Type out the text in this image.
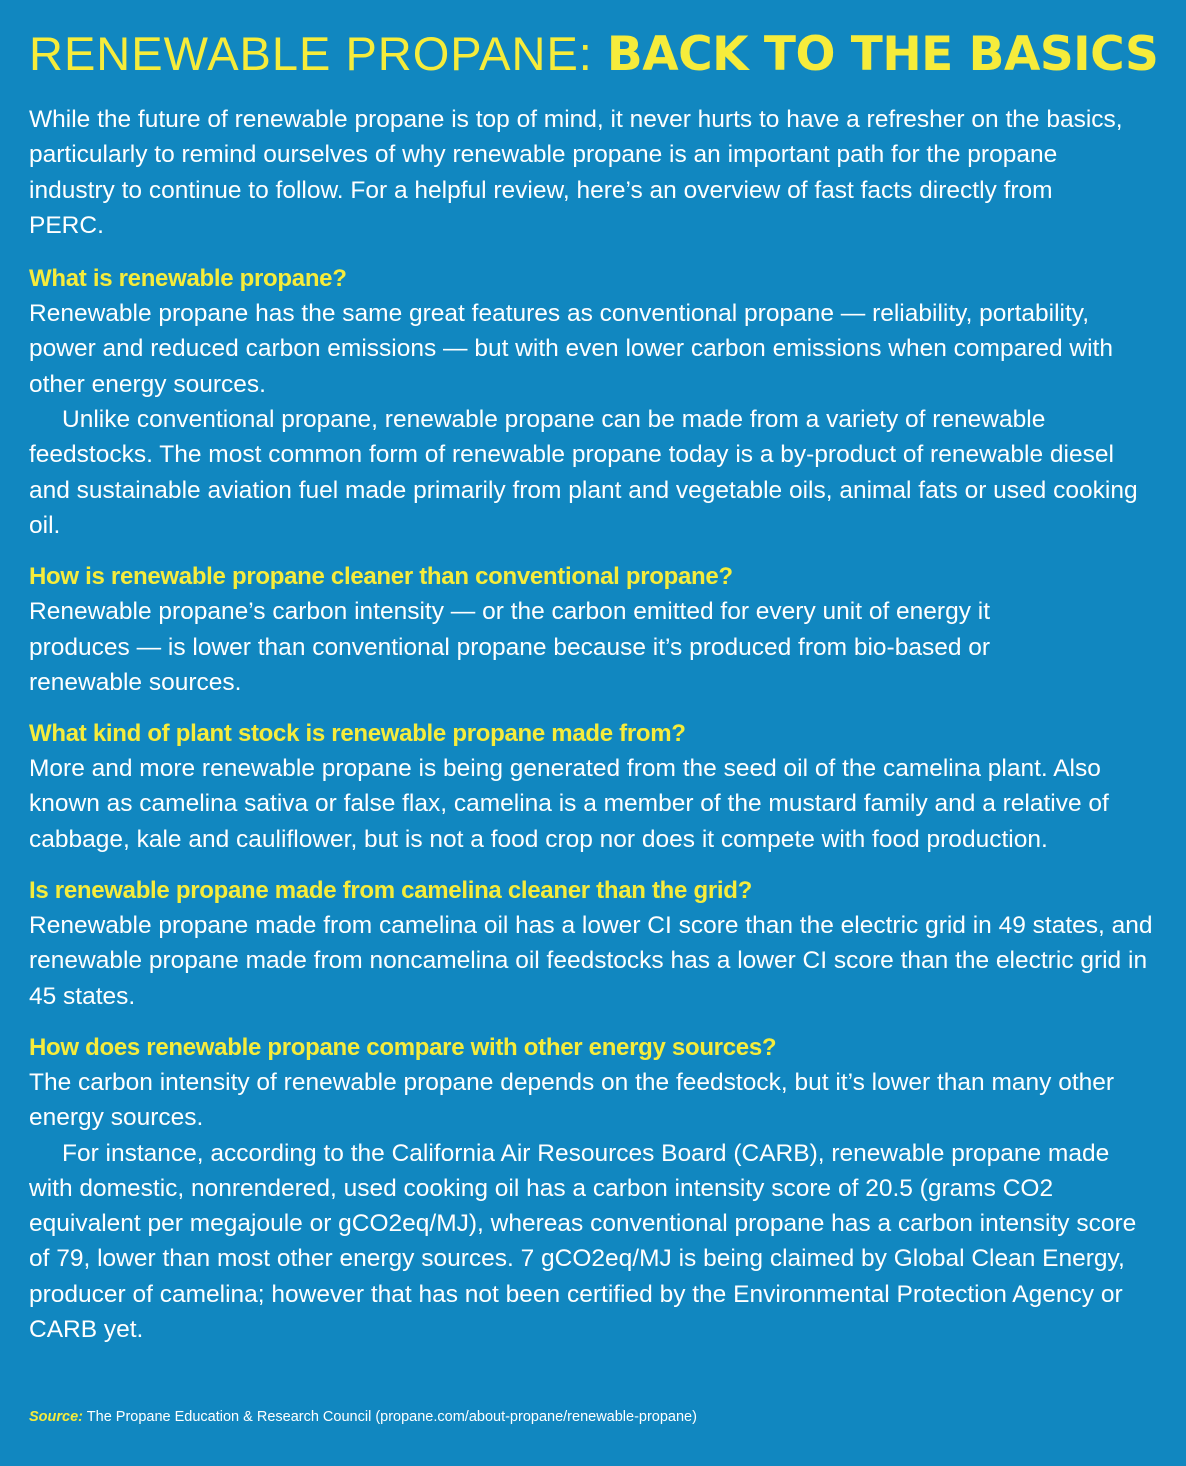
RENEWABLE PROPANE: BACK TO THE BASICS

While the future of renewable propane is top of mind, it never hurts to have a refresher on the basics, particularly to remind ourselves of why renewable propane is an important path for the propane industry to continue to follow. For a helpful review, here’s an overview of fast facts directly from PERC.

What is renewable propane?

Renewable propane has the same great features as conventional propane — reliability, portability, power and reduced carbon emissions — but with even lower carbon emissions when compared with other energy sources.

Unlike conventional propane, renewable propane can be made from a variety of renewable feedstocks. The most common form of renewable propane today is a by-product of renewable diesel and sustainable aviation fuel made primarily from plant and vegetable oils, animal fats or used cooking oil.

How is renewable propane cleaner than conventional propane?

Renewable propane’s carbon intensity — or the carbon emitted for every unit of energy it produces — is lower than conventional propane because it’s produced from bio-based or renewable sources.

What kind of plant stock is renewable propane made from?

More and more renewable propane is being generated from the seed oil of the camelina plant. Also known as camelina sativa or false flax, camelina is a member of the mustard family and a relative of cabbage, kale and cauliflower, but is not a food crop nor does it compete with food production.

Is renewable propane made from camelina cleaner than the grid?

Renewable propane made from camelina oil has a lower CI score than the electric grid in 49 states, and renewable propane made from noncamelina oil feedstocks has a lower CI score than the electric grid in 45 states.

How does renewable propane compare with other energy sources?

The carbon intensity of renewable propane depends on the feedstock, but it’s lower than many other energy sources.

For instance, according to the California Air Resources Board (CARB), renewable propane made with domestic, nonrendered, used cooking oil has a carbon intensity score of 20.5 (grams CO2 equivalent per megajoule or gCO2eq/MJ), whereas conventional propane has a carbon intensity score of 79, lower than most other energy sources. 7 gCO2eq/MJ is being claimed by Global Clean Energy, producer of camelina; however that has not been certified by the Environmental Protection Agency or CARB yet.

Source: The Propane Education & Research Council (propane.com/about-propane/renewable-propane)
